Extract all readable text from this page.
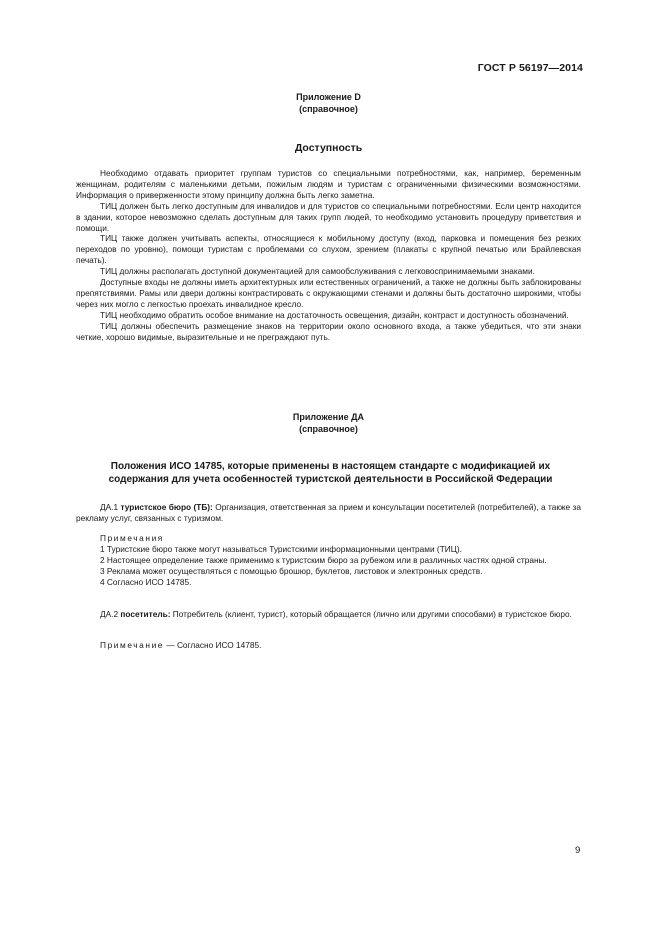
ГОСТ Р 56197—2014
Приложение D
(справочное)
Доступность

Необходимо отдавать приоритет группам туристов со специальными потребностями, как, например, беременным женщинам, родителям с маленькими детьми, пожилым людям и туристам с ограниченными физическими возможностями. Информация о приверженности этому принципу должна быть легко заметна.

ТИЦ должен быть легко доступным для инвалидов и для туристов со специальными потребностями. Если центр находится в здании, которое невозможно сделать доступным для таких групп людей, то необходимо установить процедуру приветствия и помощи.

ТИЦ также должен учитывать аспекты, относящиеся к мобильному доступу (вход, парковка и помещения без резких переходов по уровню), помощи туристам с проблемами со слухом, зрением (плакаты с крупной печатью или Брайлевская печать).

ТИЦ должны располагать доступной документацией для самообслуживания с легковоспринимаемыми знаками.

Доступные входы не должны иметь архитектурных или естественных ограничений, а также не должны быть заблокированы препятствиями. Рамы или двери должны контрастировать с окружающими стенами и должны быть достаточно широкими, чтобы через них могло с легкостью проехать инвалидное кресло.

ТИЦ необходимо обратить особое внимание на достаточность освещения, дизайн, контраст и доступность обозначений.

ТИЦ должны обеспечить размещение знаков на территории около основного входа, а также убедиться, что эти знаки четкие, хорошо видимые, выразительные и не преграждают путь.

Приложение ДА
(справочное)
Положения ИСО 14785, которые применены в настоящем стандарте с модификацией их
содержания для учета особенностей туристской деятельности в Российской Федерации

ДА.1 туристское бюро (ТБ): Организация, ответственная за прием и консультации посетителей (потребителей), а также за рекламу услуг, связанных с туризмом.

Примечания

1 Туристские бюро также могут называться Туристскими информационными центрами (ТИЦ).

2 Настоящее определение также применимо к туристским бюро за рубежом или в различных частях одной страны.

3 Реклама может осуществляться с помощью брошюр, буклетов, листовок и электронных средств.

4 Согласно ИСО 14785.

ДА.2 посетитель: Потребитель (клиент, турист), который обращается (лично или другими способами) в туристское бюро.

Примечание — Согласно ИСО 14785.

9
